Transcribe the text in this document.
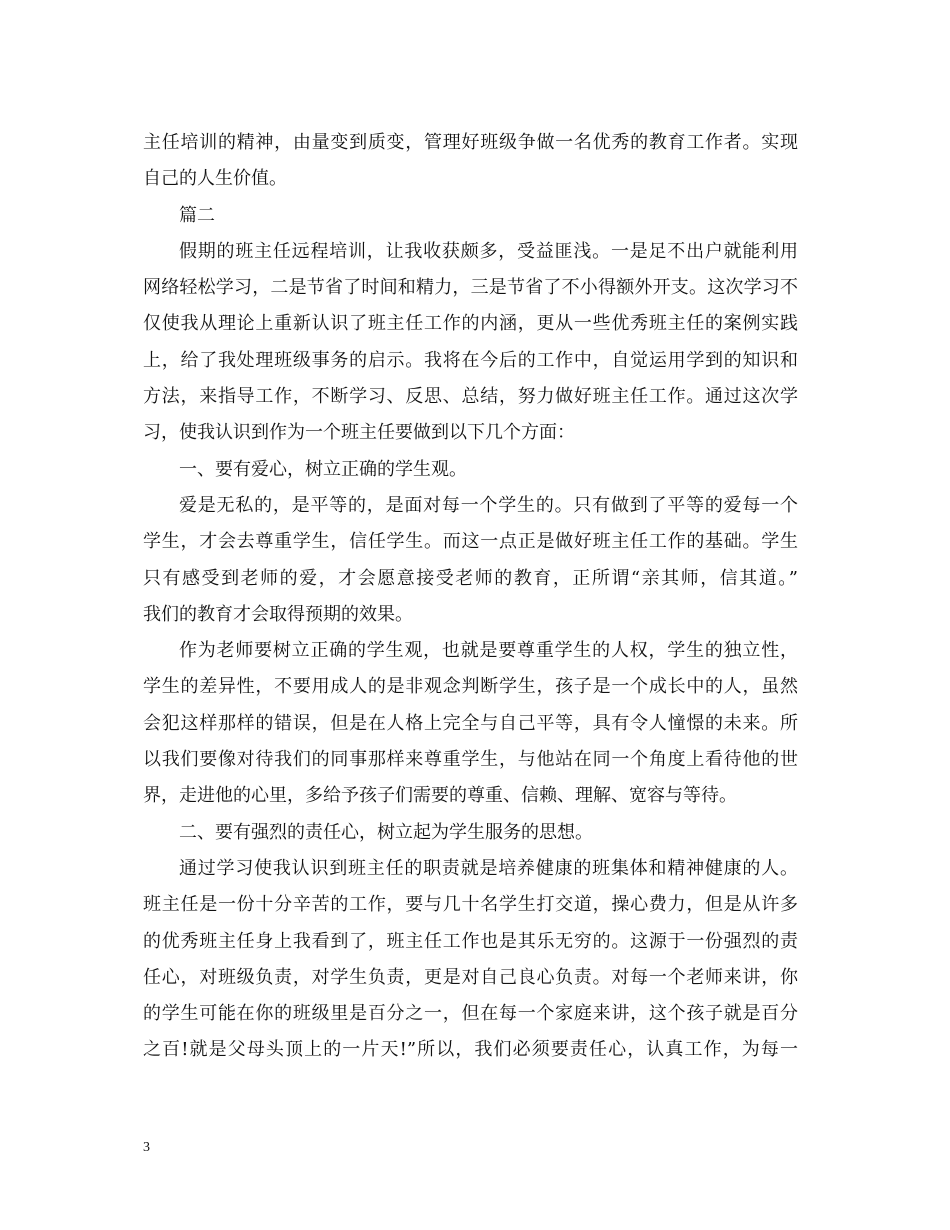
主任培训的精神，由量变到质变，管理好班级争做一名优秀的教育工作者。实现
自己的人生价值。
篇二
假期的班主任远程培训，让我收获颇多，受益匪浅。一是足不出户就能利用
网络轻松学习，二是节省了时间和精力，三是节省了不小得额外开支。这次学习不
仅使我从理论上重新认识了班主任工作的内涵，更从一些优秀班主任的案例实践
上，给了我处理班级事务的启示。我将在今后的工作中，自觉运用学到的知识和
方法，来指导工作，不断学习、反思、总结，努力做好班主任工作。通过这次学
习，使我认识到作为一个班主任要做到以下几个方面：
一、要有爱心，树立正确的学生观。
爱是无私的，是平等的，是面对每一个学生的。只有做到了平等的爱每一个
学生，才会去尊重学生，信任学生。而这一点正是做好班主任工作的基础。学生
只有感受到老师的爱，才会愿意接受老师的教育，正所谓“亲其师，信其道。”
我们的教育才会取得预期的效果。
作为老师要树立正确的学生观，也就是要尊重学生的人权，学生的独立性，
学生的差异性，不要用成人的是非观念判断学生，孩子是一个成长中的人，虽然
会犯这样那样的错误，但是在人格上完全与自己平等，具有令人憧憬的未来。所
以我们要像对待我们的同事那样来尊重学生，与他站在同一个角度上看待他的世
界，走进他的心里，多给予孩子们需要的尊重、信赖、理解、宽容与等待。
二、要有强烈的责任心，树立起为学生服务的思想。
通过学习使我认识到班主任的职责就是培养健康的班集体和精神健康的人。
班主任是一份十分辛苦的工作，要与几十名学生打交道，操心费力，但是从许多
的优秀班主任身上我看到了，班主任工作也是其乐无穷的。这源于一份强烈的责
任心，对班级负责，对学生负责，更是对自己良心负责。对每一个老师来讲，你
的学生可能在你的班级里是百分之一，但在每一个家庭来讲，这个孩子就是百分
之百!就是父母头顶上的一片天!”所以，我们必须要责任心，认真工作，为每一
3
